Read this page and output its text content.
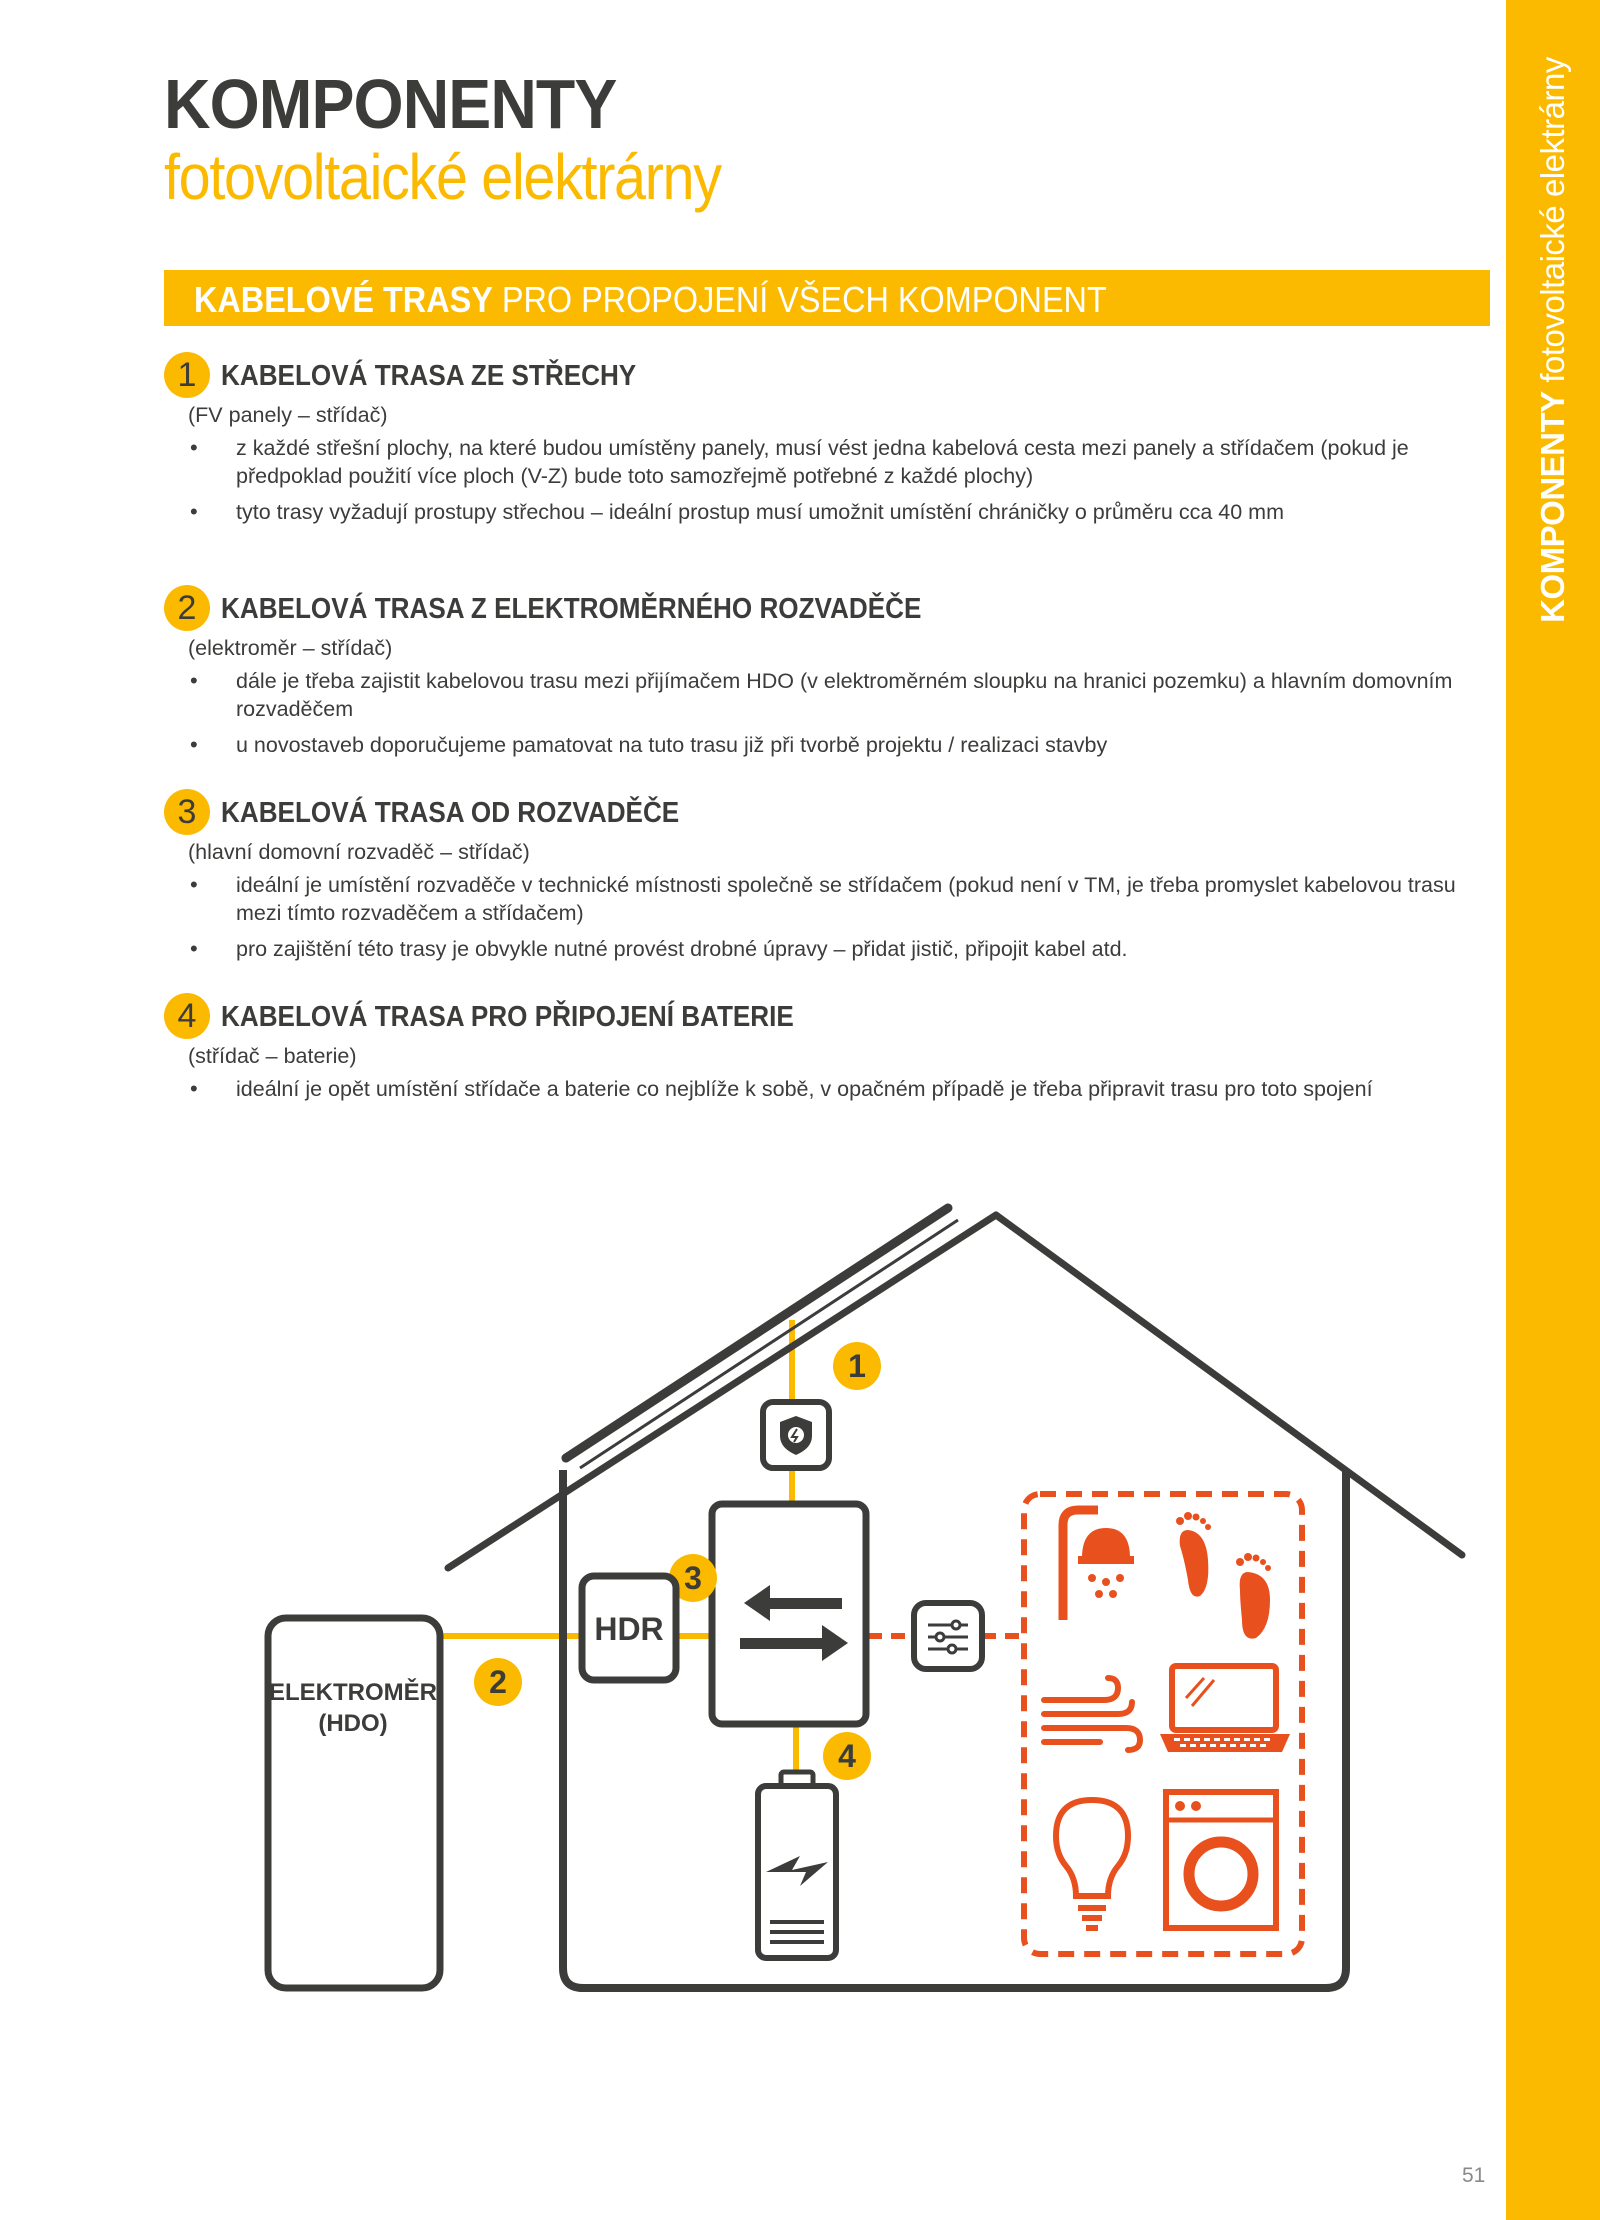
KOMPONENTY fotovoltaické elektrárny
KOMPONENTY
fotovoltaické elektrárny
KABELOVÉ TRASY PRO PROPOJENÍ VŠECH KOMPONENT
1 KABELOVÁ TRASA ZE STŘECHY
(FV panely – střídač)
• z každé střešní plochy, na které budou umístěny panely, musí vést jedna kabelová cesta mezi panely a střídačem (pokud je předpoklad použití více ploch (V-Z) bude toto samozřejmě potřebné z každé plochy)
• tyto trasy vyžadují prostupy střechou – ideální prostup musí umožnit umístění chráničky o průměru cca 40 mm
2 KABELOVÁ TRASA Z ELEKTROMĚRNÉHO ROZVADĚČE
(elektroměr – střídač)
• dále je třeba zajistit kabelovou trasu mezi přijímačem HDO (v elektroměrném sloupku na hranici pozemku) a hlavním domovním rozvaděčem
• u novostaveb doporučujeme pamatovat na tuto trasu již při tvorbě projektu / realizaci stavby
3 KABELOVÁ TRASA OD ROZVADĚČE
(hlavní domovní rozvaděč – střídač)
• ideální je umístění rozvaděče v technické místnosti společně se střídačem (pokud není v TM, je třeba promyslet kabelovou trasu mezi tímto rozvaděčem a střídačem)
• pro zajištění této trasy je obvykle nutné provést drobné úpravy – přidat jistič, připojit kabel atd.
4 KABELOVÁ TRASA PRO PŘIPOJENÍ BATERIE
(střídač – baterie)
• ideální je opět umístění střídače a baterie co nejblíže k sobě, v opačném případě je třeba připravit trasu pro toto spojení
1
3
HDR
ELEKTROMĚR
(HDO)
2
4
51
